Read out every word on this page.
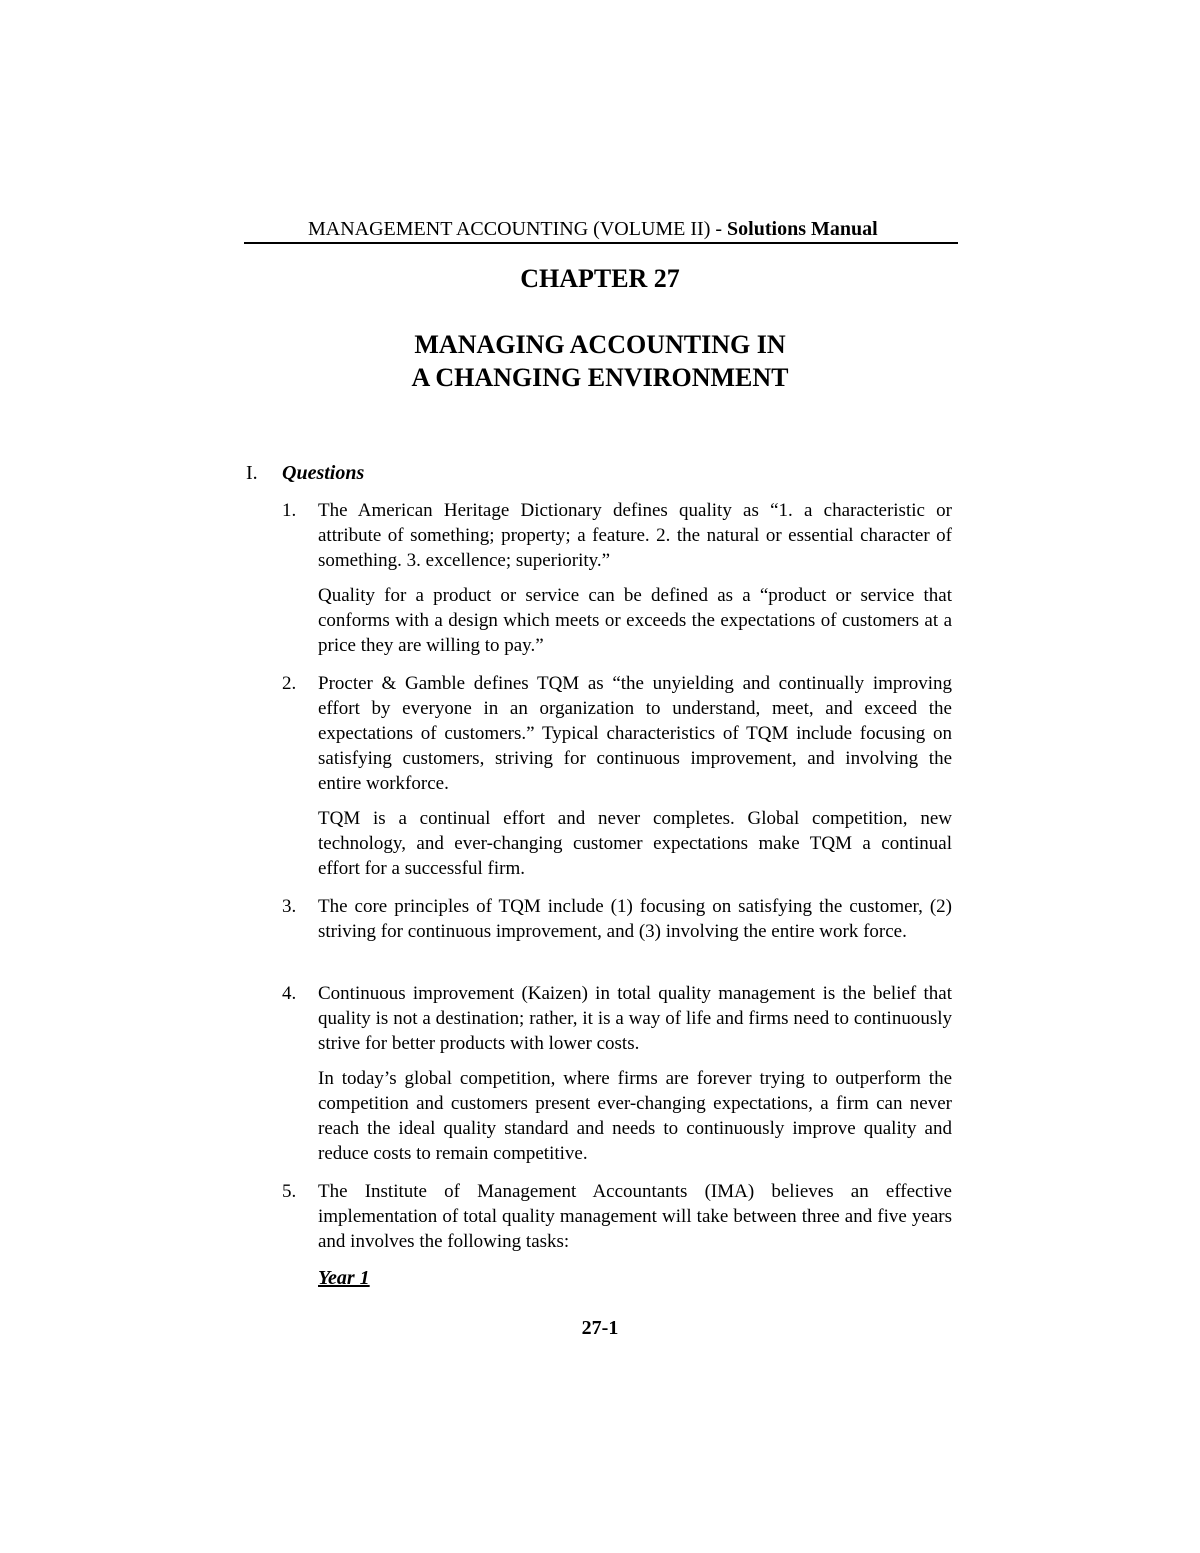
MANAGEMENT ACCOUNTING (VOLUME II) - Solutions Manual
CHAPTER 27
MANAGING ACCOUNTING IN
A CHANGING ENVIRONMENT
I. Questions
1. The American Heritage Dictionary defines quality as “1. a characteristic or attribute of something; property; a feature. 2. the natural or essential character of something. 3. excellence; superiority.”
Quality for a product or service can be defined as a “product or service that conforms with a design which meets or exceeds the expectations of customers at a price they are willing to pay.”
2. Procter & Gamble defines TQM as “the unyielding and continually improving effort by everyone in an organization to understand, meet, and exceed the expectations of customers.” Typical characteristics of TQM include focusing on satisfying customers, striving for continuous improvement, and involving the entire workforce.
TQM is a continual effort and never completes. Global competition, new technology, and ever-changing customer expectations make TQM a continual effort for a successful firm.
3. The core principles of TQM include (1) focusing on satisfying the customer, (2) striving for continuous improvement, and (3) involving the entire work force.
4. Continuous improvement (Kaizen) in total quality management is the belief that quality is not a destination; rather, it is a way of life and firms need to continuously strive for better products with lower costs.
In today’s global competition, where firms are forever trying to outperform the competition and customers present ever-changing expectations, a firm can never reach the ideal quality standard and needs to continuously improve quality and reduce costs to remain competitive.
5. The Institute of Management Accountants (IMA) believes an effective implementation of total quality management will take between three and five years and involves the following tasks:
Year 1
27-1
